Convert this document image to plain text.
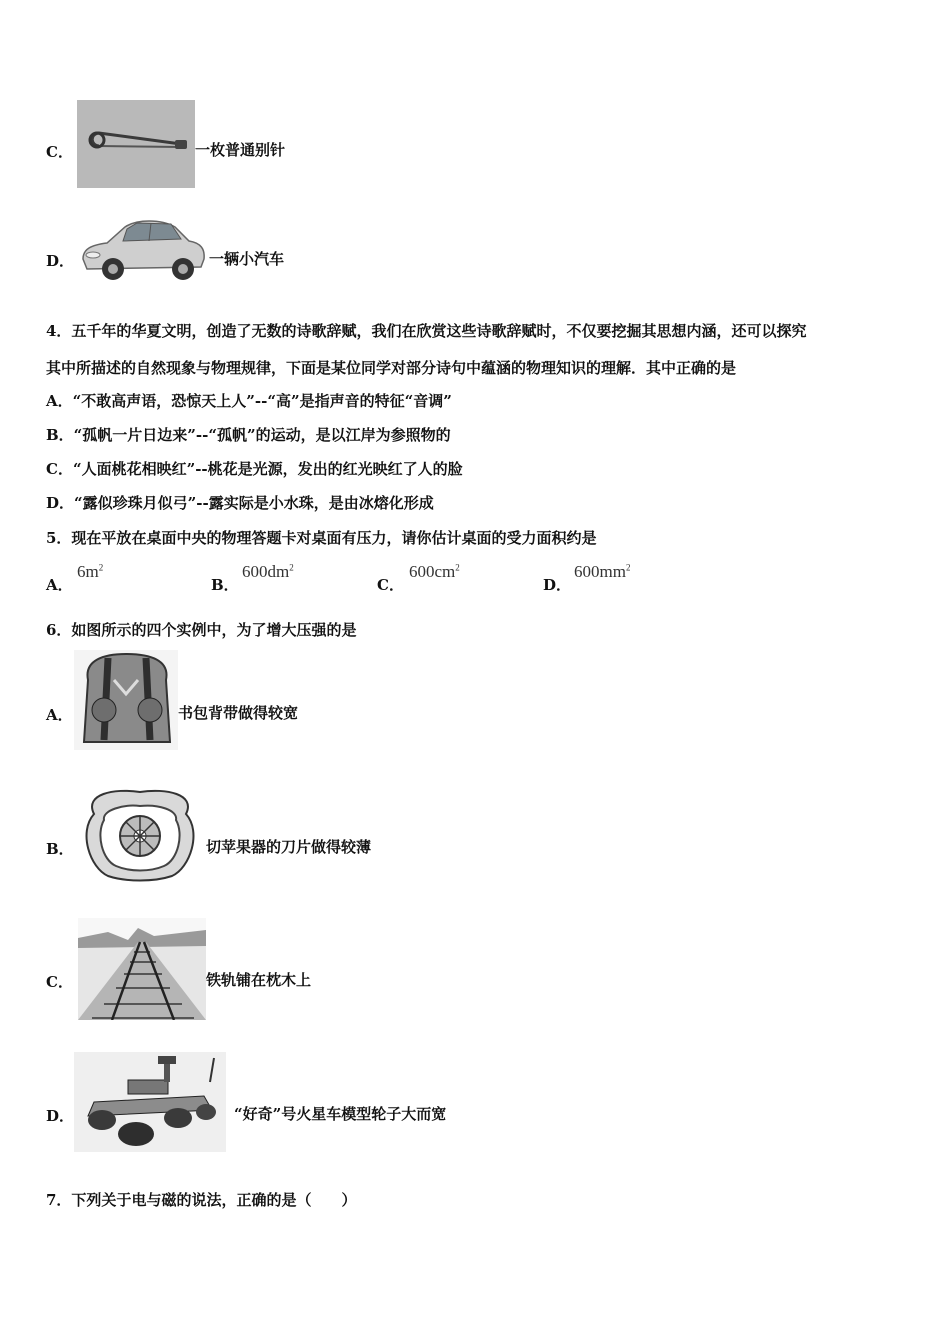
C．	一枚普通别针
D．	一辆小汽车
4．五千年的华夏文明，创造了无数的诗歌辞赋，我们在欣赏这些诗歌辞赋时，不仅要挖掘其思想内涵，还可以探究
其中所描述的自然现象与物理规律，下面是某位同学对部分诗句中蕴涵的物理知识的理解．其中正确的是
A．“不敢高声语，恐惊天上人”--“高”是指声音的特征“音调”
B．“孤帆一片日边来”--“孤帆”的运动，是以江岸为参照物的
C．“人面桃花相映红”--桃花是光源，发出的红光映红了人的脸
D．“露似珍珠月似弓”--露实际是小水珠，是由冰熔化形成
5．现在平放在桌面中央的物理答题卡对桌面有压力，请你估计桌面的受力面积约是
A．
$6m^2$
B．
$600dm^2$
C．
$600cm^2$
D．
$600mm^2$
6．如图所示的四个实例中，为了增大压强的是
A．	书包背带做得较宽
B．	切苹果器的刀片做得较薄
C．	铁轨铺在枕木上
D．	“好奇”号火星车模型轮子大而宽
7．下列关于电与磁的说法，正确的是（　　）
